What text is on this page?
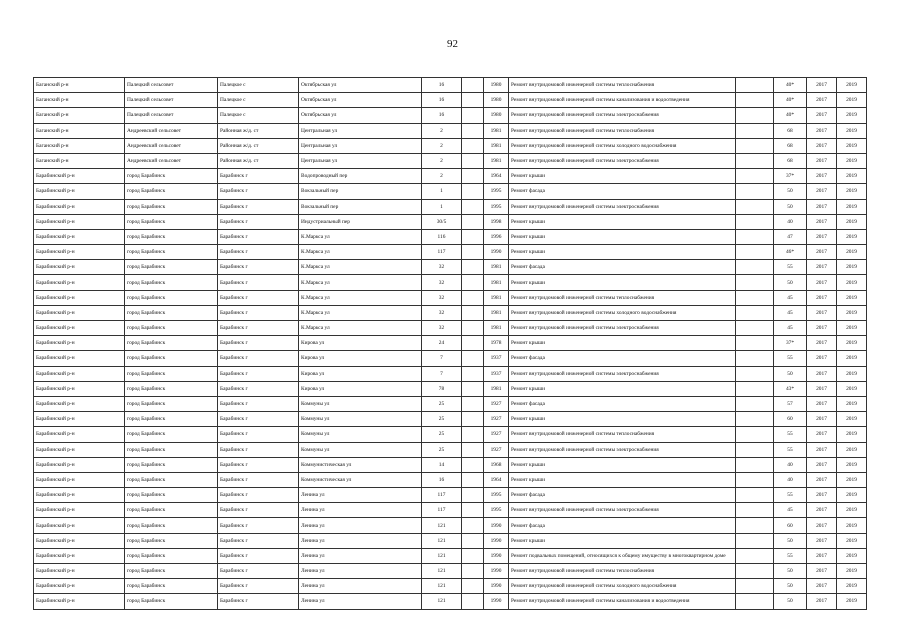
92
Баганский р-н	Палецкий сельсовет	Палецкое с	Октябрьская ул	16		1980	Ремонт внутридомовой инженерной системы теплоснабжения		40*	2017	2019
Баганский р-н	Палецкий сельсовет	Палецкое с	Октябрьская ул	16		1980	Ремонт внутридомовой инженерной системы канализования и водоотведения		40*	2017	2019
Баганский р-н	Палецкий сельсовет	Палецкое с	Октябрьская ул	16		1980	Ремонт внутридомовой инженерной системы электроснабжения		40*	2017	2019
Баганский р-н	Андреевский сельсовет	Районная ж/д. ст	Центральная ул	2		1981	Ремонт внутридомовой инженерной системы теплоснабжения		68	2017	2019
Баганский р-н	Андреевский сельсовет	Районная ж/д. ст	Центральная ул	2		1981	Ремонт внутридомовой инженерной системы холодного водоснабжения		68	2017	2019
Баганский р-н	Андреевский сельсовет	Районная ж/д. ст	Центральная ул	2		1981	Ремонт внутридомовой инженерной системы электроснабжения		68	2017	2019
Барабинский р-н	город Барабинск	Барабинск г	Водопроводный пер	2		1964	Ремонт крыши		37*	2017	2019
Барабинский р-н	город Барабинск	Барабинск г	Вокзальный пер	1		1995	Ремонт фасада		50	2017	2019
Барабинский р-н	город Барабинск	Барабинск г	Вокзальный пер	1		1995	Ремонт внутридомовой инженерной системы электроснабжения		50	2017	2019
Барабинский р-н	город Барабинск	Барабинск г	Индустриальный пер	30/5		1998	Ремонт крыши		40	2017	2019
Барабинский р-н	город Барабинск	Барабинск г	К.Маркса ул	116		1996	Ремонт крыши		47	2017	2019
Барабинский р-н	город Барабинск	Барабинск г	К.Маркса ул	117		1990	Ремонт крыши		46*	2017	2019
Барабинский р-н	город Барабинск	Барабинск г	К.Маркса ул	32		1981	Ремонт фасада		55	2017	2019
Барабинский р-н	город Барабинск	Барабинск г	К.Маркса ул	32		1981	Ремонт крыши		50	2017	2019
Барабинский р-н	город Барабинск	Барабинск г	К.Маркса ул	32		1981	Ремонт внутридомовой инженерной системы теплоснабжения		45	2017	2019
Барабинский р-н	город Барабинск	Барабинск г	К.Маркса ул	32		1981	Ремонт внутридомовой инженерной системы холодного водоснабжения		45	2017	2019
Барабинский р-н	город Барабинск	Барабинск г	К.Маркса ул	32		1981	Ремонт внутридомовой инженерной системы электроснабжения		45	2017	2019
Барабинский р-н	город Барабинск	Барабинск г	Кирова ул	24		1978	Ремонт крыши		37*	2017	2019
Барабинский р-н	город Барабинск	Барабинск г	Кирова ул	7		1937	Ремонт фасада		55	2017	2019
Барабинский р-н	город Барабинск	Барабинск г	Кирова ул	7		1937	Ремонт внутридомовой инженерной системы электроснабжения		50	2017	2019
Барабинский р-н	город Барабинск	Барабинск г	Кирова ул	78		1981	Ремонт крыши		43*	2017	2019
Барабинский р-н	город Барабинск	Барабинск г	Коммуны ул	25		1927	Ремонт фасада		57	2017	2019
Барабинский р-н	город Барабинск	Барабинск г	Коммуны ул	25		1927	Ремонт крыши		60	2017	2019
Барабинский р-н	город Барабинск	Барабинск г	Коммуны ул	25		1927	Ремонт внутридомовой инженерной системы теплоснабжения		55	2017	2019
Барабинский р-н	город Барабинск	Барабинск г	Коммуны ул	25		1927	Ремонт внутридомовой инженерной системы электроснабжения		55	2017	2019
Барабинский р-н	город Барабинск	Барабинск г	Коммунистическая ул	14		1968	Ремонт крыши		40	2017	2019
Барабинский р-н	город Барабинск	Барабинск г	Коммунистическая ул	16		1964	Ремонт крыши		40	2017	2019
Барабинский р-н	город Барабинск	Барабинск г	Ленина ул	117		1995	Ремонт фасада		55	2017	2019
Барабинский р-н	город Барабинск	Барабинск г	Ленина ул	117		1995	Ремонт внутридомовой инженерной системы электроснабжения		45	2017	2019
Барабинский р-н	город Барабинск	Барабинск г	Ленина ул	121		1990	Ремонт фасада		60	2017	2019
Барабинский р-н	город Барабинск	Барабинск г	Ленина ул	121		1990	Ремонт крыши		50	2017	2019
Барабинский р-н	город Барабинск	Барабинск г	Ленина ул	121		1990	Ремонт подвальных помещений, относящихся к общему имуществу в многоквартирном доме		55	2017	2019
Барабинский р-н	город Барабинск	Барабинск г	Ленина ул	121		1990	Ремонт внутридомовой инженерной системы теплоснабжения		50	2017	2019
Барабинский р-н	город Барабинск	Барабинск г	Ленина ул	121		1990	Ремонт внутридомовой инженерной системы холодного водоснабжения		50	2017	2019
Барабинский р-н	город Барабинск	Барабинск г	Ленина ул	121		1990	Ремонт внутридомовой инженерной системы канализования и водоотведения		50	2017	2019
